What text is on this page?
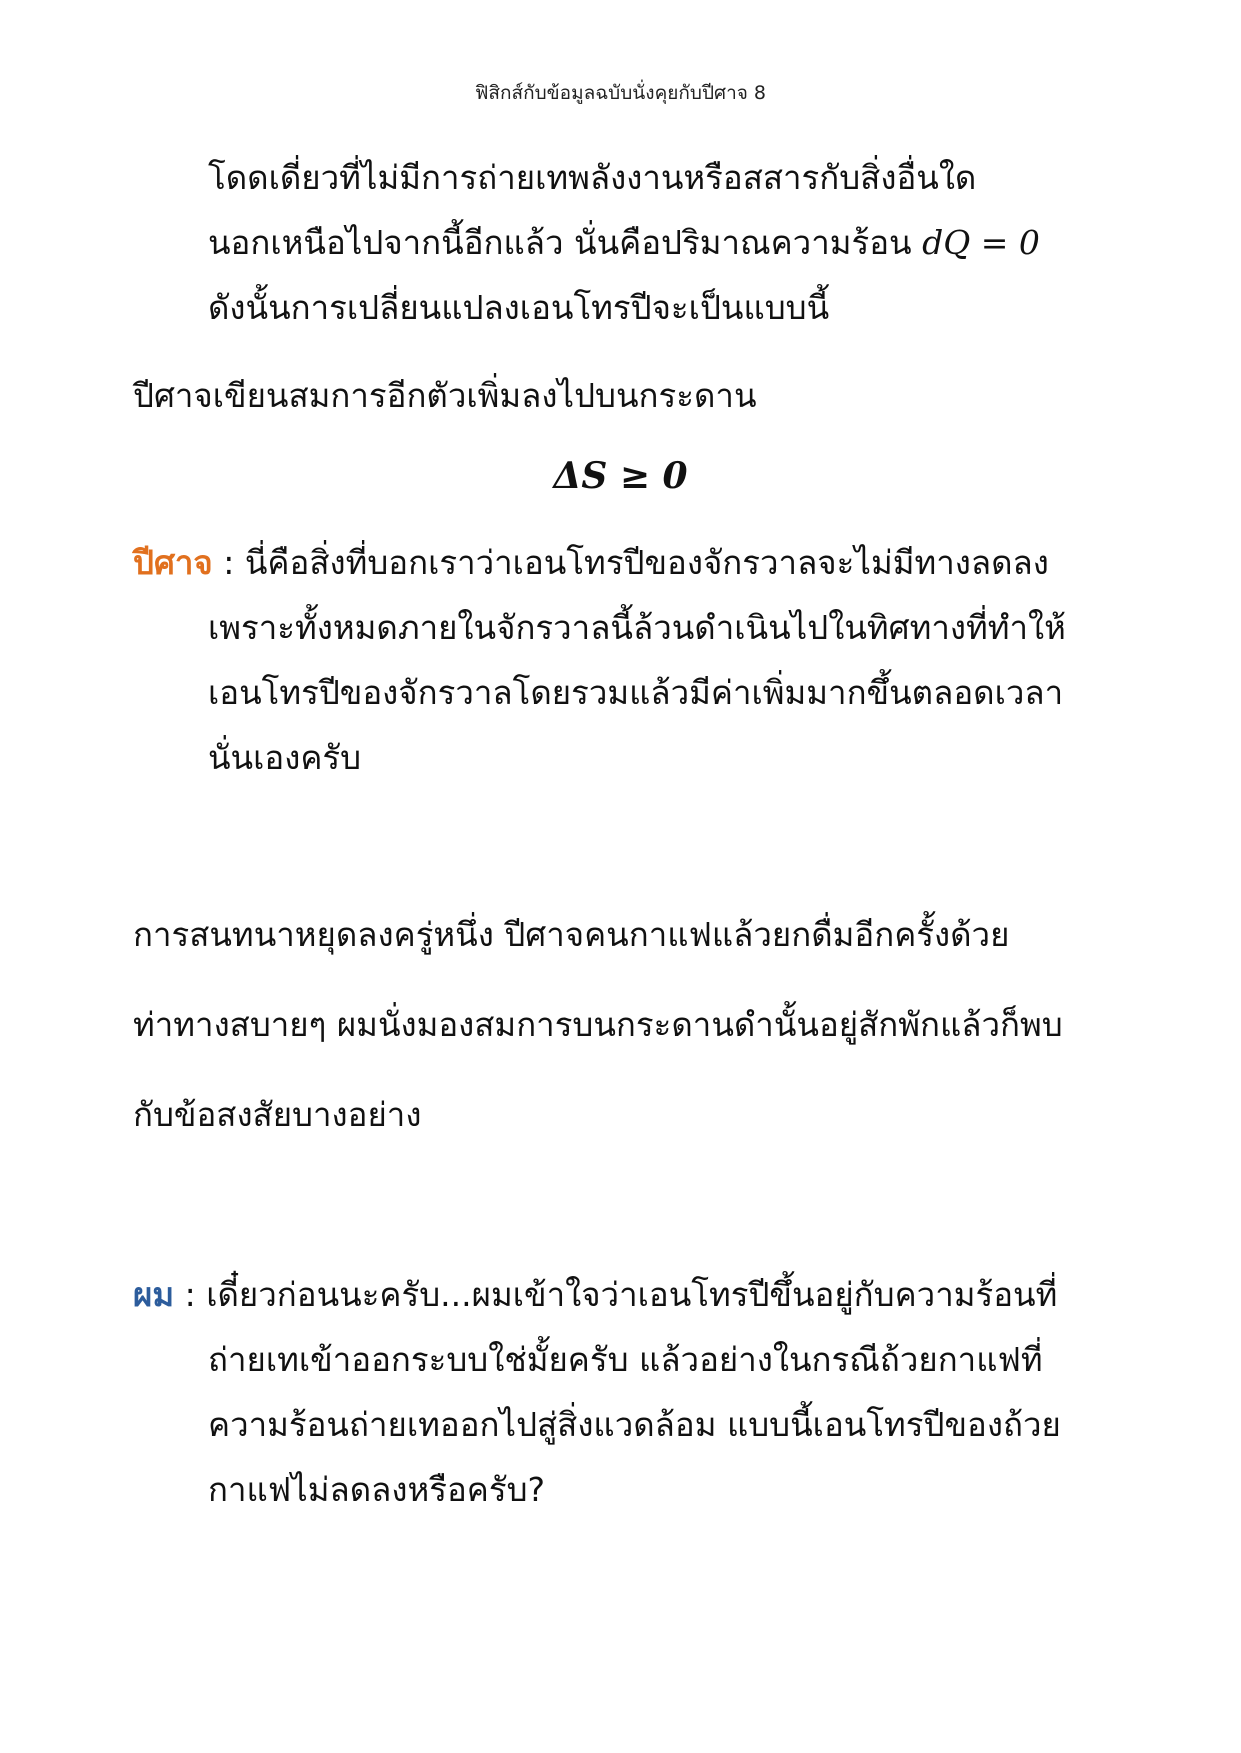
ฟิสิกส์กับข้อมูลฉบับนั่งคุยกับปีศาจ 8
โดดเดี่ยวที่ไม่มีการถ่ายเทพลังงานหรือสสารกับสิ่งอื่นใด
นอกเหนือไปจากนี้อีกแล้ว นั่นคือปริมาณความร้อน dQ = 0
ดังนั้นการเปลี่ยนแปลงเอนโทรปีจะเป็นแบบนี้
ปีศาจเขียนสมการอีกตัวเพิ่มลงไปบนกระดาน
ΔS ≥ 0
ปีศาจ : นี่คือสิ่งที่บอกเราว่าเอนโทรปีของจักรวาลจะไม่มีทางลดลง
เพราะทั้งหมดภายในจักรวาลนี้ล้วนดำเนินไปในทิศทางที่ทำให้
เอนโทรปีของจักรวาลโดยรวมแล้วมีค่าเพิ่มมากขึ้นตลอดเวลา
นั่นเองครับ
การสนทนาหยุดลงครู่หนึ่ง ปีศาจคนกาแฟแล้วยกดื่มอีกครั้งด้วย
ท่าทางสบายๆ ผมนั่งมองสมการบนกระดานดำนั้นอยู่สักพักแล้วก็พบ
กับข้อสงสัยบางอย่าง
ผม : เดี๋ยวก่อนนะครับ...ผมเข้าใจว่าเอนโทรปีขึ้นอยู่กับความร้อนที่
ถ่ายเทเข้าออกระบบใช่มั้ยครับ แล้วอย่างในกรณีถ้วยกาแฟที่
ความร้อนถ่ายเทออกไปสู่สิ่งแวดล้อม แบบนี้เอนโทรปีของถ้วย
กาแฟไม่ลดลงหรือครับ?
